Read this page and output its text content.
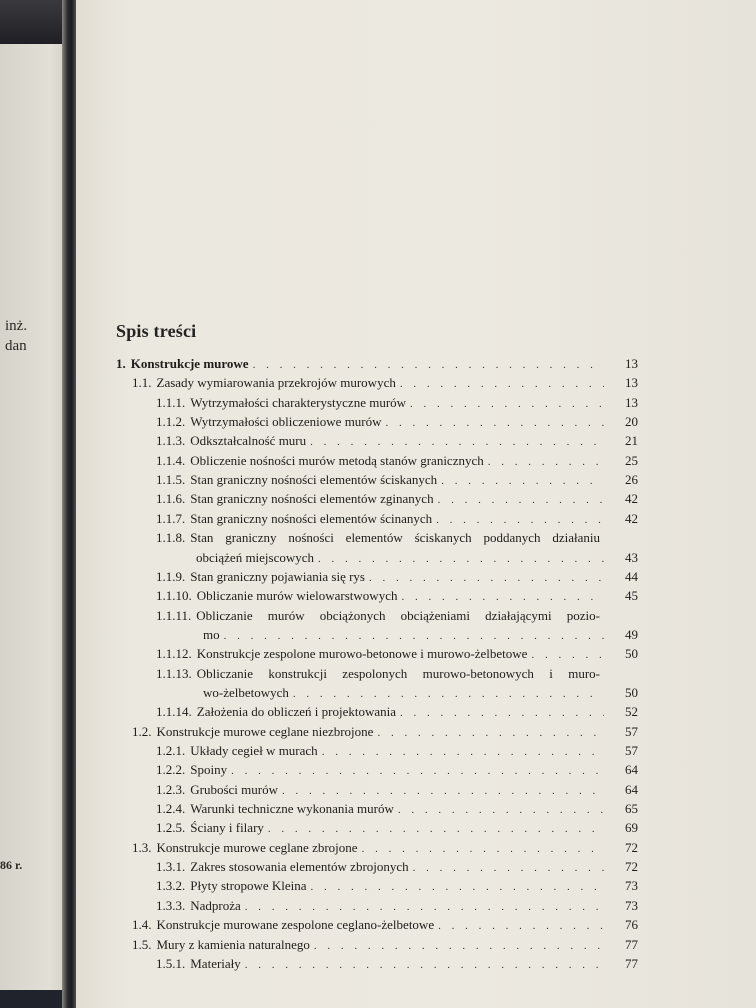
inż.
dan
86 r.
Spis treści
1. Konstrukcje murowe . . .	13
1.1. Zasady wymiarowania przekrojów murowych . . .	13
1.1.1. Wytrzymałości charakterystyczne murów . . .	13
1.1.2. Wytrzymałości obliczeniowe murów . . .	20
1.1.3. Odkształcalność muru . . .	21
1.1.4. Obliczenie nośności murów metodą stanów granicznych . . .	25
1.1.5. Stan graniczny nośności elementów ściskanych . . .	26
1.1.6. Stan graniczny nośności elementów zginanych . . .	42
1.1.7. Stan graniczny nośności elementów ścinanych . . .	42
1.1.8. Stan graniczny nośności elementów ściskanych poddanych działaniu
obciążeń miejscowych . . .	43
1.1.9. Stan graniczny pojawiania się rys . . .	44
1.1.10. Obliczanie murów wielowarstwowych . . .	45
1.1.11. Obliczanie murów obciążonych obciążeniami działającymi pozio-
mo . . .	49
1.1.12. Konstrukcje zespolone murowo-betonowe i murowo-żelbetowe . . .	50
1.1.13. Obliczanie konstrukcji zespolonych murowo-betonowych i muro-
wo-żelbetowych . . .	50
1.1.14. Założenia do obliczeń i projektowania . . .	52
1.2. Konstrukcje murowe ceglane niezbrojone . . .	57
1.2.1. Układy cegieł w murach . . .	57
1.2.2. Spoiny . . .	64
1.2.3. Grubości murów . . .	64
1.2.4. Warunki techniczne wykonania murów . . .	65
1.2.5. Ściany i filary . . .	69
1.3. Konstrukcje murowe ceglane zbrojone . . .	72
1.3.1. Zakres stosowania elementów zbrojonych . . .	72
1.3.2. Płyty stropowe Kleina . . .	73
1.3.3. Nadproża . . .	73
1.4. Konstrukcje murowane zespolone ceglano-żelbetowe . . .	76
1.5. Mury z kamienia naturalnego . . .	77
1.5.1. Materiały . . .	77
